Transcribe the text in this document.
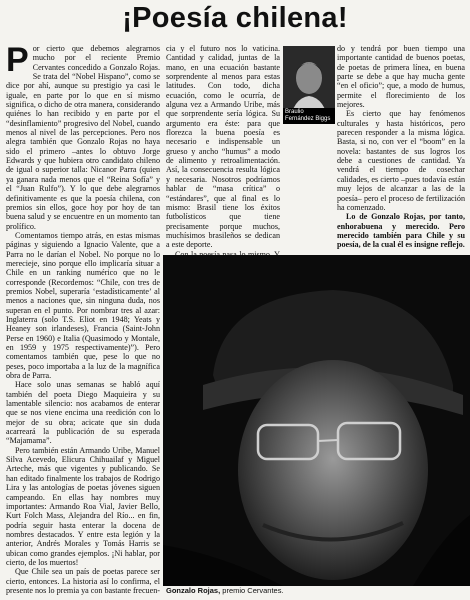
¡Poesía chilena!

Por cierto que debemos alegrarnos mucho por el reciente Premio Cervantes concedido a Gonzalo Rojas. Se trata del “Nobel Hispano”, como se dice por ahí, aunque su prestigio ya casi le iguale, en parte por lo que en sí mismo significa, o dicho de otra manera, considerando quiénes lo han recibido y en parte por el “desinflamiento” progresivo del Nobel, cuando menos al nivel de las percepciones. Pero nos alegra también que Gonzalo Rojas no haya sido el primero –antes lo obtuvo Jorge Edwards y que hubiera otro candidato chileno de igual o superior talla: Nicanor Parra (quien ya ganara nada menos que el “Reina Sofía” y el “Juan Rulfo”). Y lo que debe alegrarnos definitivamente es que la poesía chilena, con premios sin ellos, goce hoy por hoy de tan buena salud y se encuentre en un momento tan prolífico.

Comentamos tiempo atrás, en estas mismas páginas y siguiendo a Ignacio Valente, que a Parra no le darían el Nobel. No porque no lo merecieje, sino porque ello implicaría situar a Chile en un ranking numérico que no le corresponde (Recordemos: “Chile, con tres de premios Nobel, superaría ‘estadísticamente’ al menos a naciones que, sin ninguna duda, nos superan en el punto. Por nombrar tres al azar: Inglaterra (solo T.S. Eliot en 1948; Yeats y Heaney son irlandeses), Francia (Saint-John Perse en 1960) e Italia (Quasimodo y Montale, en 1959 y 1975 respectivamente)”). Pero comentamos también que, pese lo que no peses, poco importaba a la luz de la magnífica obra de Parra.

Hace solo unas semanas se habló aquí también del poeta Diego Maquieira y su lamentable silencio: nos acabamos de enterar que se nos viene encima una reedición con lo mejor de su obra; acicate que sin duda acarreará la publicación de su esperada “Majamama”.

Pero también están Armando Uribe, Manuel Silva Acevedo, Elicura Chihuailaf y Miguel Arteche, más que vigentes y publicando. Se han editado finalmente los trabajos de Rodrigo Lira y las antologías de poetas jóvenes siguen campeando. En ellas hay nombres muy importantes: Armando Roa Vial, Javier Bello, Kurt Folch Mass, Alejandra del Río... en fin, podría seguir hasta enterar la docena de nombres destacados. Y entre esta legión y la anterior, Andrés Morales y Tomás Harris se ubican como grandes ejemplos. ¡Ni hablar, por cierto, de los muertos!

Que Chile sea un país de poetas parece ser cierto, entonces. La historia así lo confirma, el presente nos lo premia ya con bastante frecuen-

cia y el futuro nos lo vaticina. Cantidad y calidad, juntas de la mano, en una ecuación bastante sorprendente al menos para estas latitudes. Con todo, dicha ecuación, como le ocurría, de alguna vez a Armando Uribe, más que sorprendente sería lógica. Su argumento era éste: para que florezca la buena poesía es necesario e indispensable un grueso y ancho “humus” a modo de alimento y retroalimentación. Así, la consecuencia resulta lógica y necesaria. Nosotros podríamos hablar de “masa crítica” o “estándares”, que al final es lo mismo: Brasil tiene los éxitos futbolísticos que tiene precisamente porque muchos, muchísimos brasileños se dedican a este deporte.

Braulio Fernández Biggs

do y tendrá por buen tiempo una importante cantidad de buenos poetas, de poetas de primera línea, en buena parte se debe a que hay mucha gente “en el oficio”; que, a modo de humus, permite el florecimiento de los mejores.

Es cierto que hay fenómenos culturales y hasta históricos, pero parecen responder a la misma lógica. Basta, si no, con ver el “boom” en la novela: bastantes de sus logros los debe a cuestiones de cantidad. Ya vendrá el tiempo de cosechar calidades, es cierto –pues todavía están muy lejos de alcanzar a las de la poesía– pero el proceso de fertilización ha comenzado.

Lo de Gonzalo Rojas, por tanto, enhorabuena y merecido. Pero merecido también para Chile y su poesía, de la cual él es insigne reflejo.

Gonzalo Rojas, premio Cervantes.
